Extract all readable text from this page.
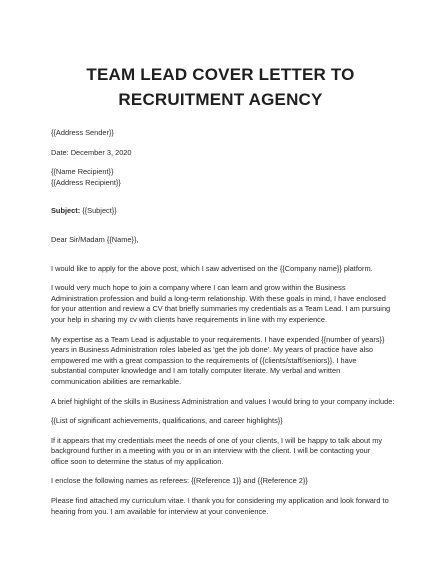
TEAM LEAD COVER LETTER TO
RECRUITMENT AGENCY
{{Address Sender}}
Date: December 3, 2020
{{Name Recipient}}
{{Address Recipient}}
Subject: {{Subject}}
Dear Sir/Madam {{Name}},
I would like to apply for the above post, which I saw advertised on the {{Company name}} platform.
I would very much hope to join a company where I can learn and grow within the Business
Administration profession and build a long-term relationship. With these goals in mind, I have enclosed
for your attention and review a CV that briefly summaries my credentials as a Team Lead. I am pursuing
your help in sharing my cv with clients have requirements in line with my experience.
My expertise as a Team Lead is adjustable to your requirements. I have expended {{number of years}}
years in Business Administration roles labeled as 'get the job done'. My years of practice have also
empowered me with a great compassion to the requirements of {{clients/staff/seniors}}. I have
substantial computer knowledge and I am totally computer literate. My verbal and written
communication abilities are remarkable.
A brief highlight of the skills in Business Administration and values I would bring to your company include:
{{List of significant achievements, qualifications, and career highlights}}
If it appears that my credentials meet the needs of one of your clients, I will be happy to talk about my
background further in a meeting with you or in an interview with the client. I will be contacting your
office soon to determine the status of my application.
I enclose the following names as referees: {{Reference 1}} and {{Reference 2}}
Please find attached my curriculum vitae. I thank you for considering my application and look forward to
hearing from you. I am available for interview at your convenience.
